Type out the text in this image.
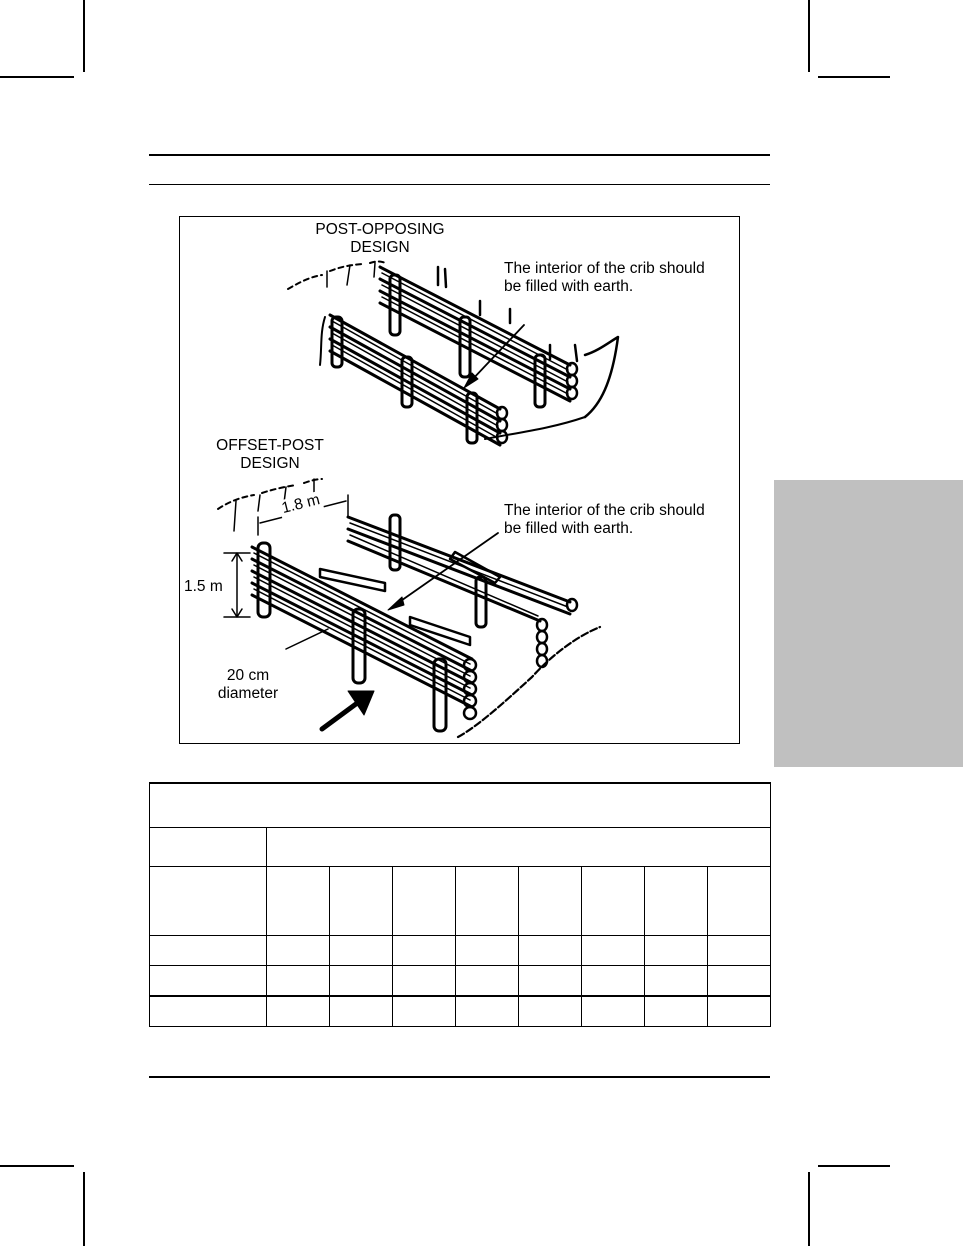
POST-OPPOSING
DESIGN
The interior of the crib should
be filled with earth.
OFFSET-POST
DESIGN
The interior of the crib should
be filled with earth.
1.8 m
1.5 m
20 cm
diameter
